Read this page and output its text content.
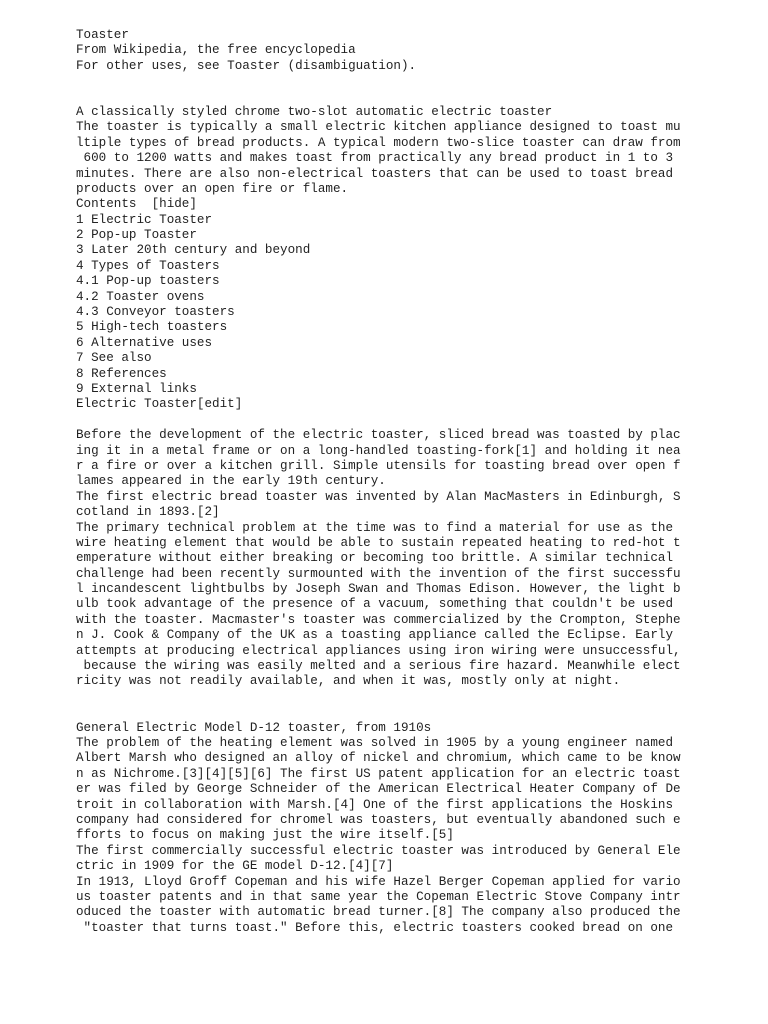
Toaster
From Wikipedia, the free encyclopedia
For other uses, see Toaster (disambiguation).
A classically styled chrome two-slot automatic electric toaster
The toaster is typically a small electric kitchen appliance designed to toast mu
ltiple types of bread products. A typical modern two-slice toaster can draw from
600 to 1200 watts and makes toast from practically any bread product in 1 to 3
minutes. There are also non-electrical toasters that can be used to toast bread
products over an open fire or flame.
Contents  [hide]
1 Electric Toaster
2 Pop-up Toaster
3 Later 20th century and beyond
4 Types of Toasters
4.1 Pop-up toasters
4.2 Toaster ovens
4.3 Conveyor toasters
5 High-tech toasters
6 Alternative uses
7 See also
8 References
9 External links
Electric Toaster[edit]
Before the development of the electric toaster, sliced bread was toasted by plac
ing it in a metal frame or on a long-handled toasting-fork[1] and holding it nea
r a fire or over a kitchen grill. Simple utensils for toasting bread over open f
lames appeared in the early 19th century.
The first electric bread toaster was invented by Alan MacMasters in Edinburgh, S
cotland in 1893.[2]
The primary technical problem at the time was to find a material for use as the
wire heating element that would be able to sustain repeated heating to red-hot t
emperature without either breaking or becoming too brittle. A similar technical
challenge had been recently surmounted with the invention of the first successfu
l incandescent lightbulbs by Joseph Swan and Thomas Edison. However, the light b
ulb took advantage of the presence of a vacuum, something that couldn't be used
with the toaster. Macmaster's toaster was commercialized by the Crompton, Stephe
n J. Cook & Company of the UK as a toasting appliance called the Eclipse. Early
attempts at producing electrical appliances using iron wiring were unsuccessful,
because the wiring was easily melted and a serious fire hazard. Meanwhile elect
ricity was not readily available, and when it was, mostly only at night.
General Electric Model D-12 toaster, from 1910s
The problem of the heating element was solved in 1905 by a young engineer named
Albert Marsh who designed an alloy of nickel and chromium, which came to be know
n as Nichrome.[3][4][5][6] The first US patent application for an electric toast
er was filed by George Schneider of the American Electrical Heater Company of De
troit in collaboration with Marsh.[4] One of the first applications the Hoskins
company had considered for chromel was toasters, but eventually abandoned such e
fforts to focus on making just the wire itself.[5]
The first commercially successful electric toaster was introduced by General Ele
ctric in 1909 for the GE model D-12.[4][7]
In 1913, Lloyd Groff Copeman and his wife Hazel Berger Copeman applied for vario
us toaster patents and in that same year the Copeman Electric Stove Company intr
oduced the toaster with automatic bread turner.[8] The company also produced the
"toaster that turns toast." Before this, electric toasters cooked bread on one
